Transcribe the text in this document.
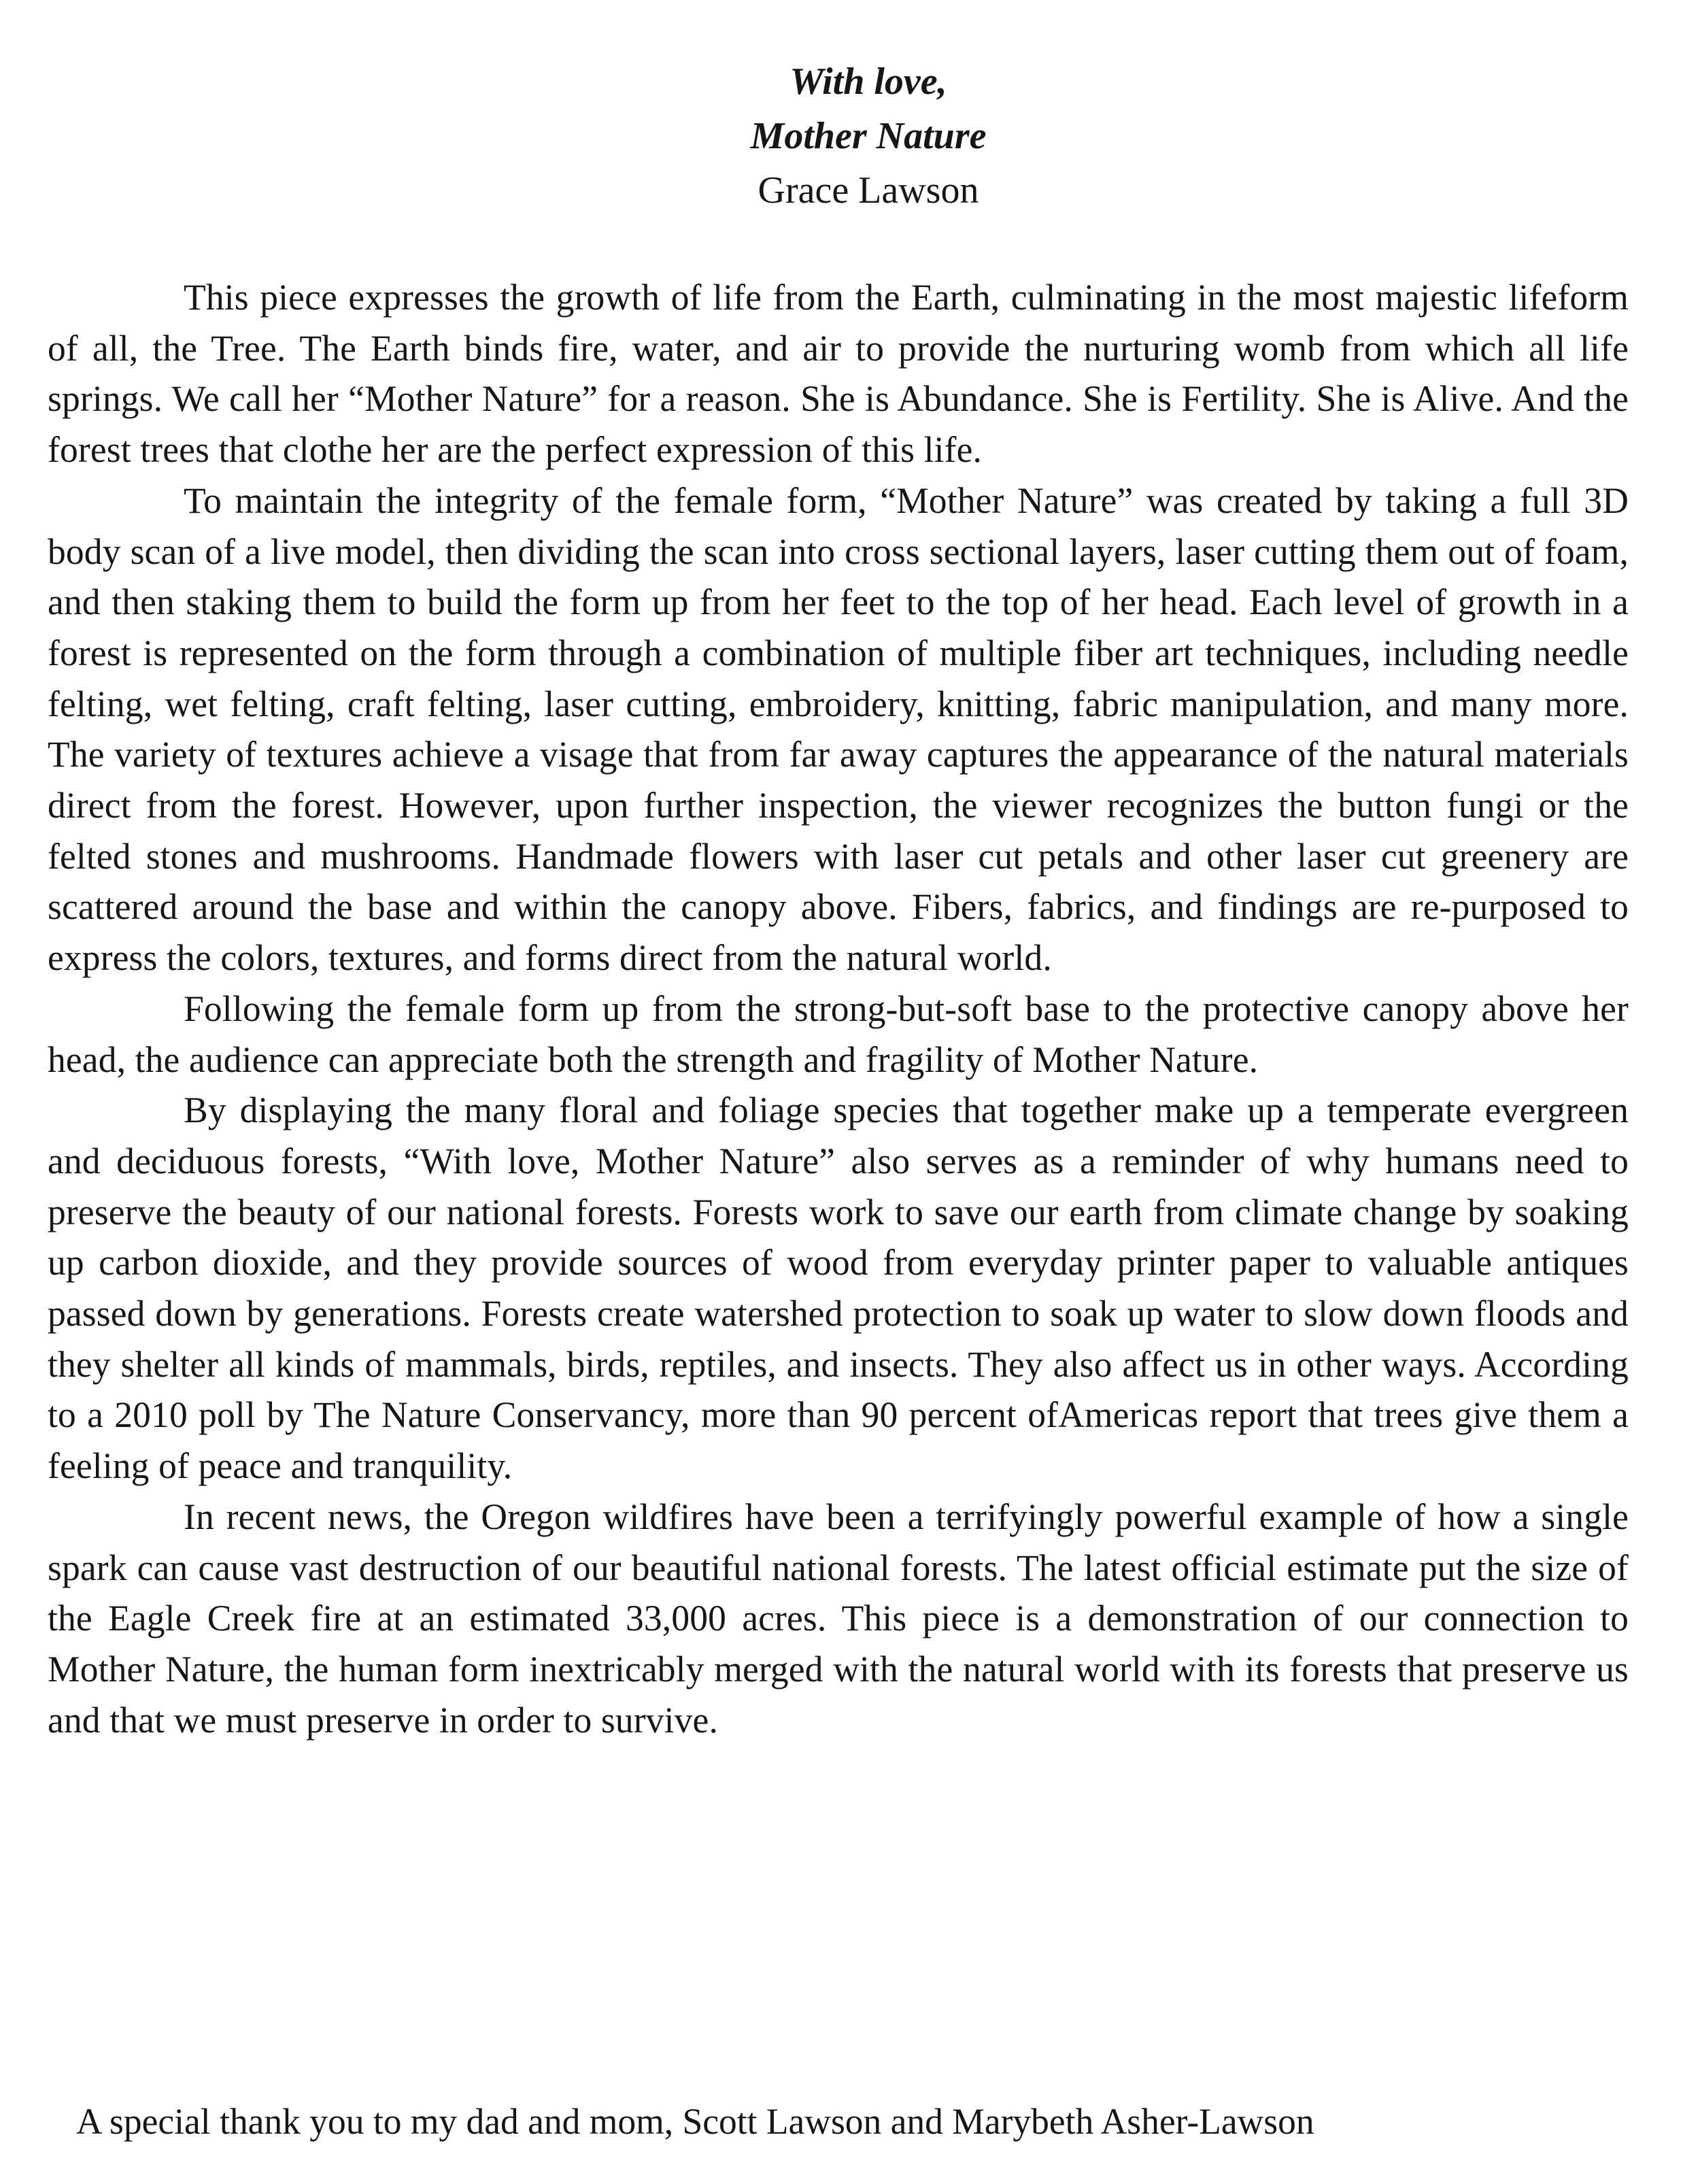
With love,
Mother Nature
Grace Lawson

This piece expresses the growth of life from the Earth, culminating in the most majestic lifeform of all, the Tree. The Earth binds fire, water, and air to provide the nurturing womb from which all life springs. We call her “Mother Nature” for a reason. She is Abundance. She is Fertility. She is Alive. And the forest trees that clothe her are the perfect expression of this life.

To maintain the integrity of the female form, “Mother Nature” was created by taking a full 3D body scan of a live model, then dividing the scan into cross sectional layers, laser cutting them out of foam, and then staking them to build the form up from her feet to the top of her head. Each level of growth in a forest is represented on the form through a combination of multiple fiber art techniques, including needle felting, wet felting, craft felting, laser cutting, embroidery, knitting, fabric manipulation, and many more. The variety of textures achieve a visage that from far away captures the appearance of the natural materials direct from the forest. However, upon further inspection, the viewer recognizes the button fungi or the felted stones and mushrooms. Handmade flowers with laser cut petals and other laser cut greenery are scattered around the base and within the canopy above. Fibers, fabrics, and findings are re-purposed to express the colors, textures, and forms direct from the natural world.

Following the female form up from the strong-but-soft base to the protective canopy above her head, the audience can appreciate both the strength and fragility of Mother Nature.

By displaying the many floral and foliage species that together make up a temperate evergreen and deciduous forests, “With love, Mother Nature” also serves as a reminder of why humans need to preserve the beauty of our national forests. Forests work to save our earth from climate change by soaking up carbon dioxide, and they provide sources of wood from everyday printer paper to valuable antiques passed down by generations. Forests create watershed protection to soak up water to slow down floods and they shelter all kinds of mammals, birds, reptiles, and insects. They also affect us in other ways. According to a 2010 poll by The Nature Conservancy, more than 90 percent ofAmericas report that trees give them a feeling of peace and tranquility.

In recent news, the Oregon wildfires have been a terrifyingly powerful example of how a single spark can cause vast destruction of our beautiful national forests. The latest official estimate put the size of the Eagle Creek fire at an estimated 33,000 acres. This piece is a demonstration of our connection to Mother Nature, the human form inextricably merged with the natural world with its forests that preserve us and that we must preserve in order to survive.

A special thank you to my dad and mom, Scott Lawson and Marybeth Asher-Lawson
